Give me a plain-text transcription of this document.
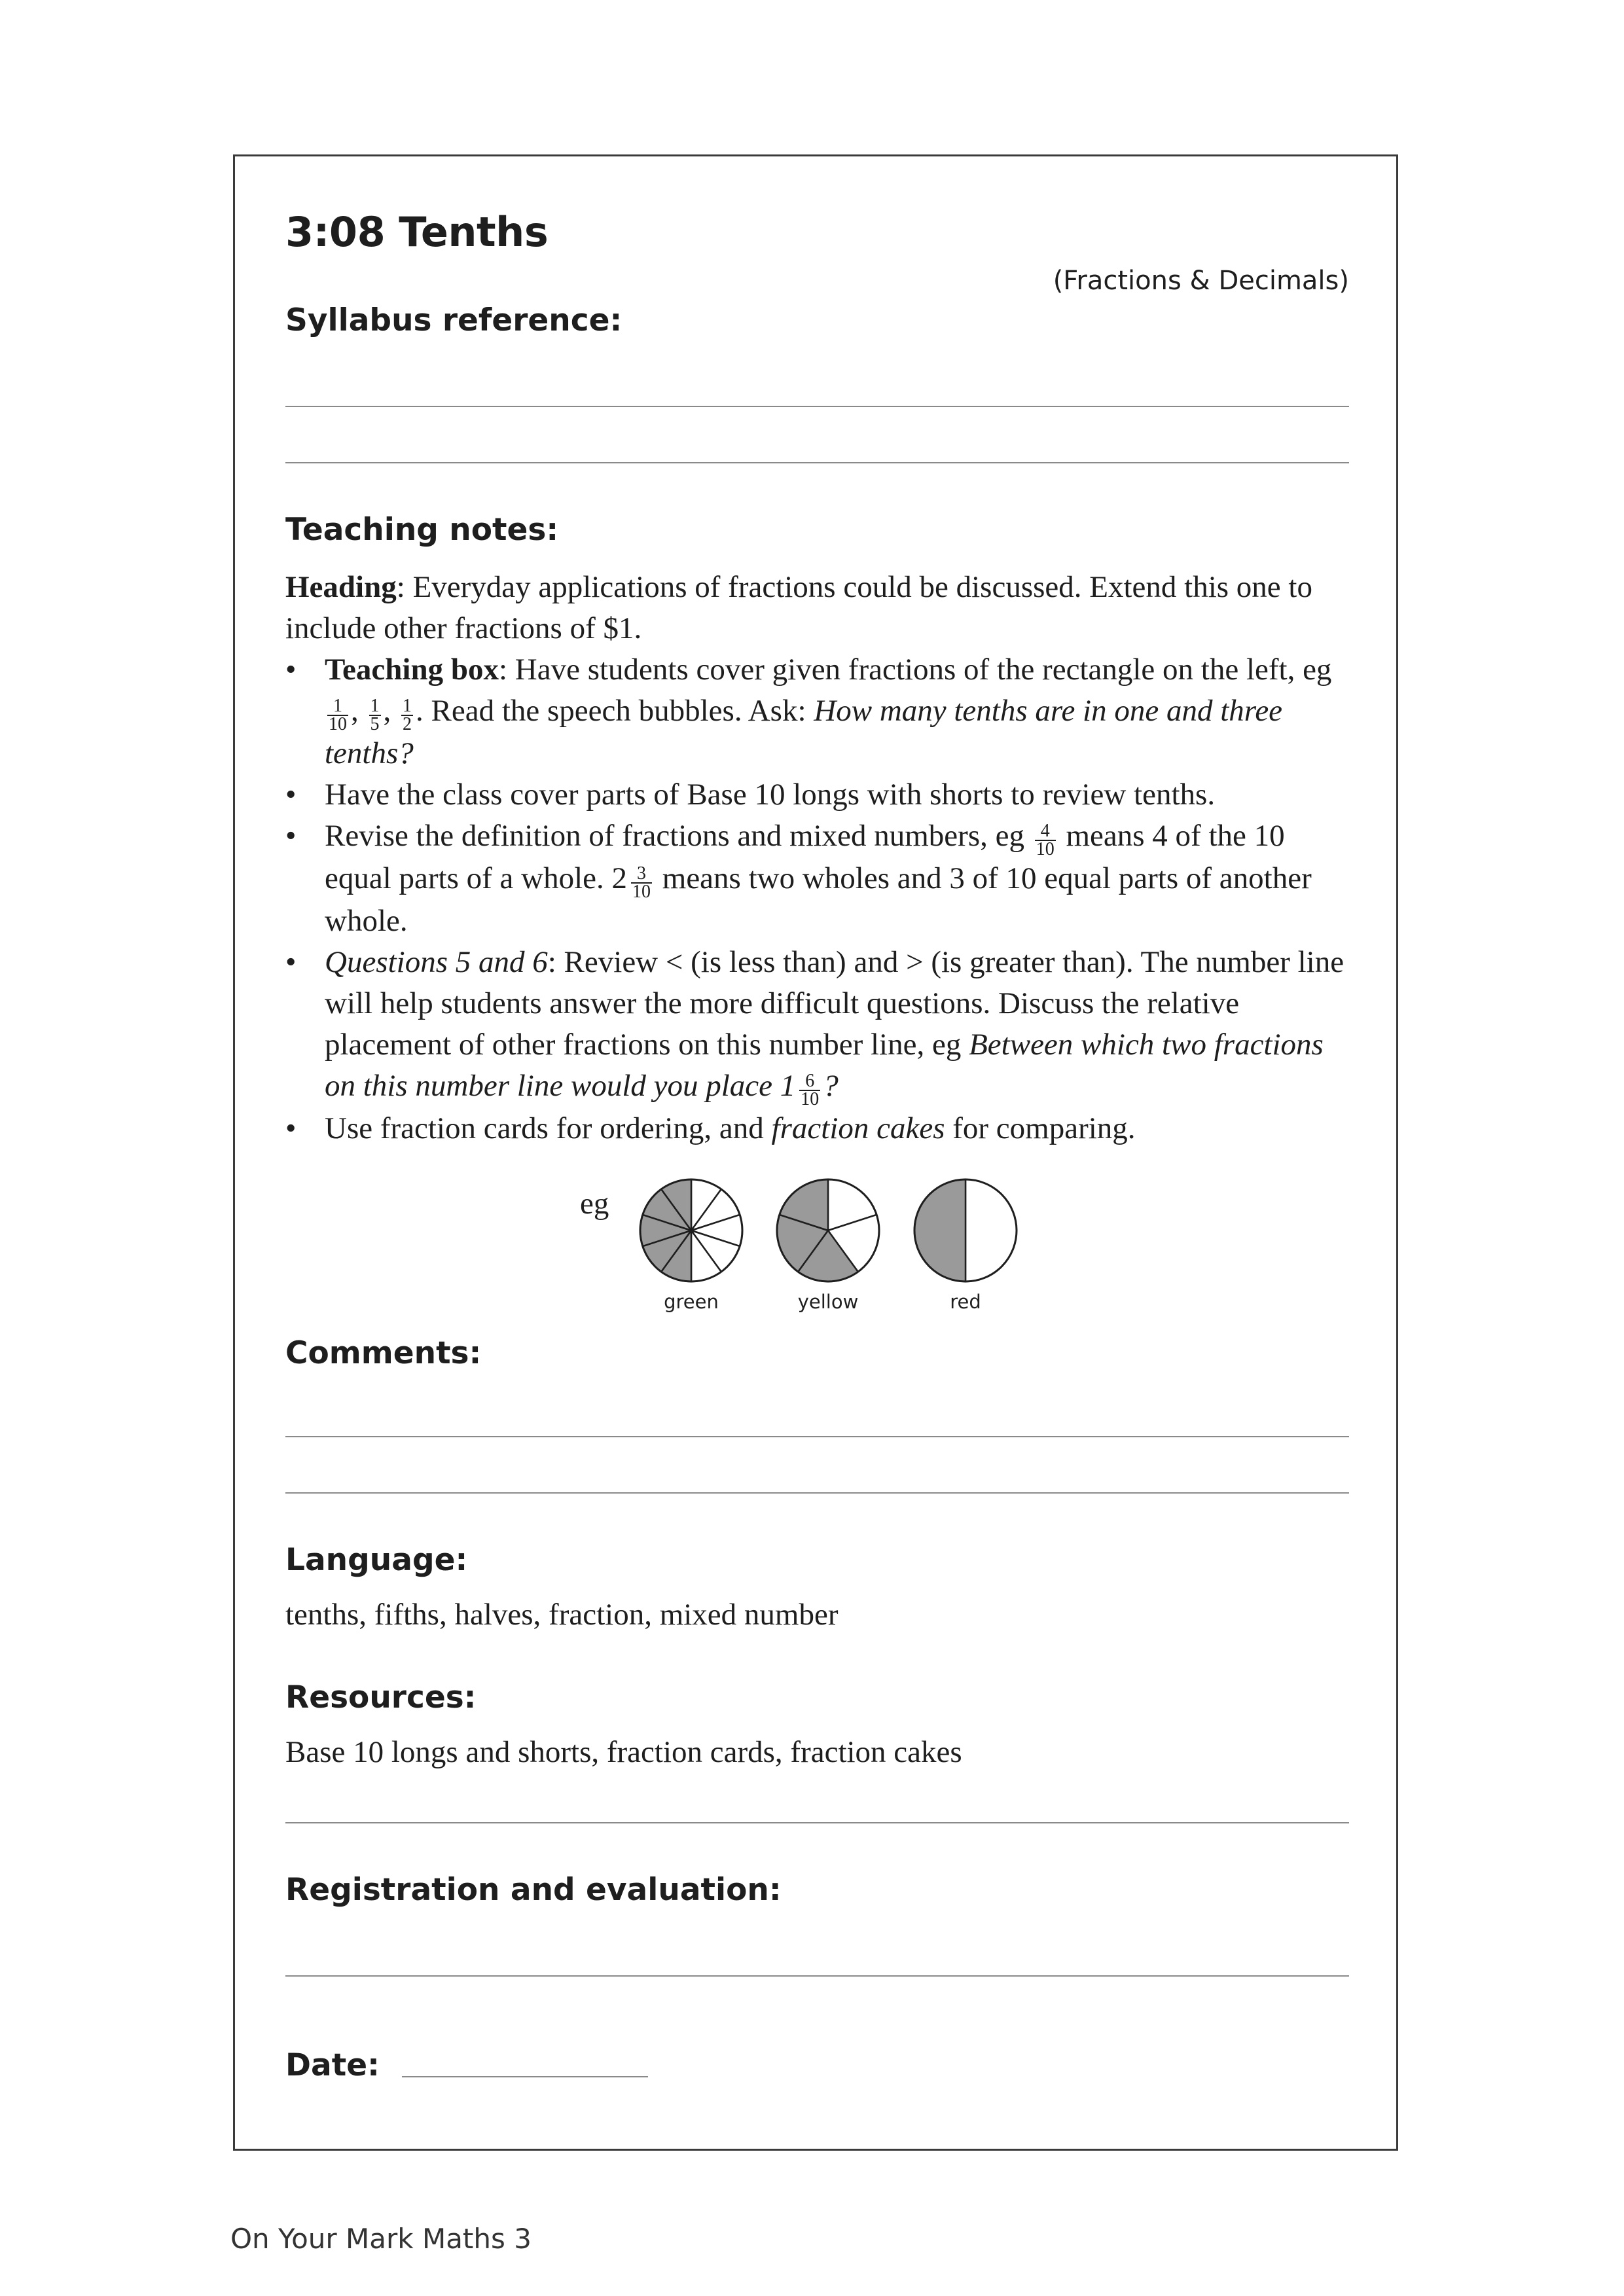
3:08 Tenths
(Fractions & Decimals)
Syllabus reference:
Teaching notes:

Heading: Everyday applications of fractions could be discussed. Extend this one to include other fractions of $1.

• Teaching box: Have students cover given fractions of the rectangle on the left, eg
$\frac{1}{10}$ , $\frac{1}{5}$ , $\frac{1}{2}$ . Read the speech bubbles. Ask: How many tenths are in one and three tenths?
• Have the class cover parts of Base 10 longs with shorts to review tenths.
• Revise the definition of fractions and mixed numbers, eg $\frac{4}{10}$ means 4 of the 10 equal parts of a whole. $2 \frac{3}{10}$ means two wholes and 3 of 10 equal parts of another whole.
• Questions 5 and 6: Review < (is less than) and > (is greater than). The number line will help students answer the more difficult questions. Discuss the relative placement of other fractions on this number line, eg Between which two fractions on this number line would you place $1 \frac{6}{10}$ ?
• Use fraction cards for ordering, and fraction cakes for comparing.
eg
green	yellow	red
Comments:
Language:
tenths, fifths, halves, fraction, mixed number
Resources:
Base 10 longs and shorts, fraction cards, fraction cakes
Registration and evaluation:
Date:
On Your Mark Maths 3
